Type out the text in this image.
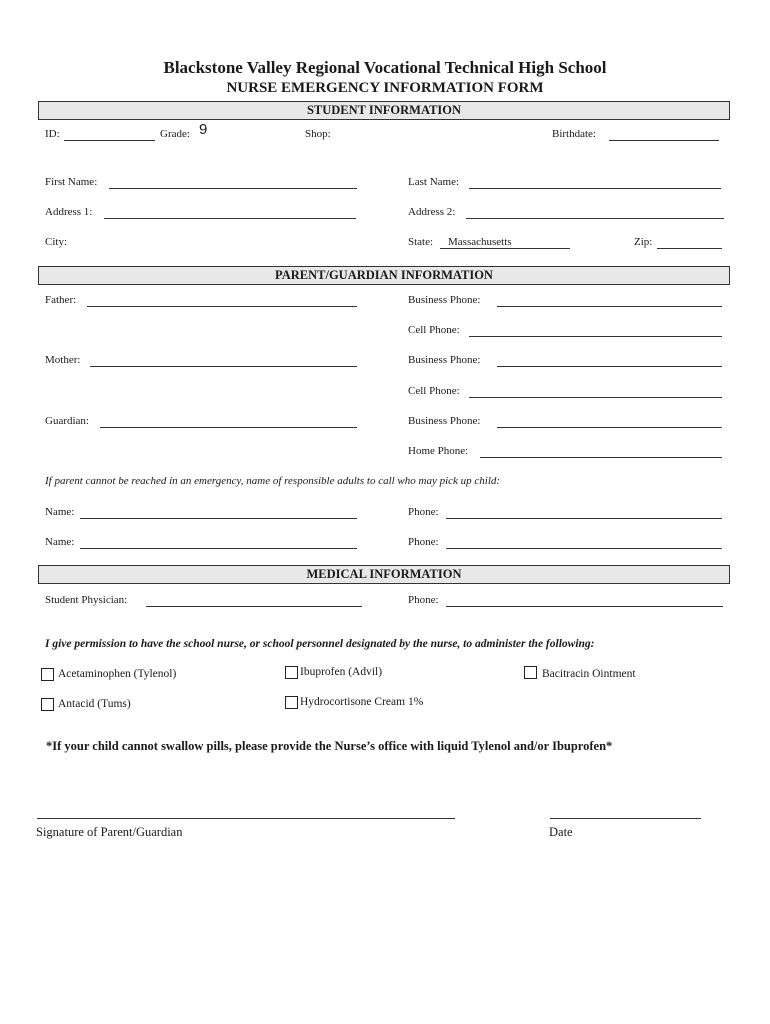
Blackstone Valley Regional Vocational Technical High School
NURSE EMERGENCY INFORMATION FORM
STUDENT INFORMATION
ID:	Grade: 9	Shop:	Birthdate:
First Name:	Last Name:
Address 1:	Address 2:
City:	State: Massachusetts	Zip:
PARENT/GUARDIAN INFORMATION
Father:	Business Phone:
Cell Phone:
Mother:	Business Phone:
Cell Phone:
Guardian:	Business Phone:
Home Phone:
If parent cannot be reached in an emergency, name of responsible adults to call who may pick up child:
Name:	Phone:
Name:	Phone:
MEDICAL INFORMATION
Student Physician:	Phone:
I give permission to have the school nurse, or school personnel designated by the nurse, to administer the following:
Acetaminophen (Tylenol)	Ibuprofen (Advil)	Bacitracin Ointment
Antacid (Tums)	Hydrocortisone Cream 1%
*If your child cannot swallow pills, please provide the Nurse’s office with liquid Tylenol and/or Ibuprofen*
Signature of Parent/Guardian	Date
